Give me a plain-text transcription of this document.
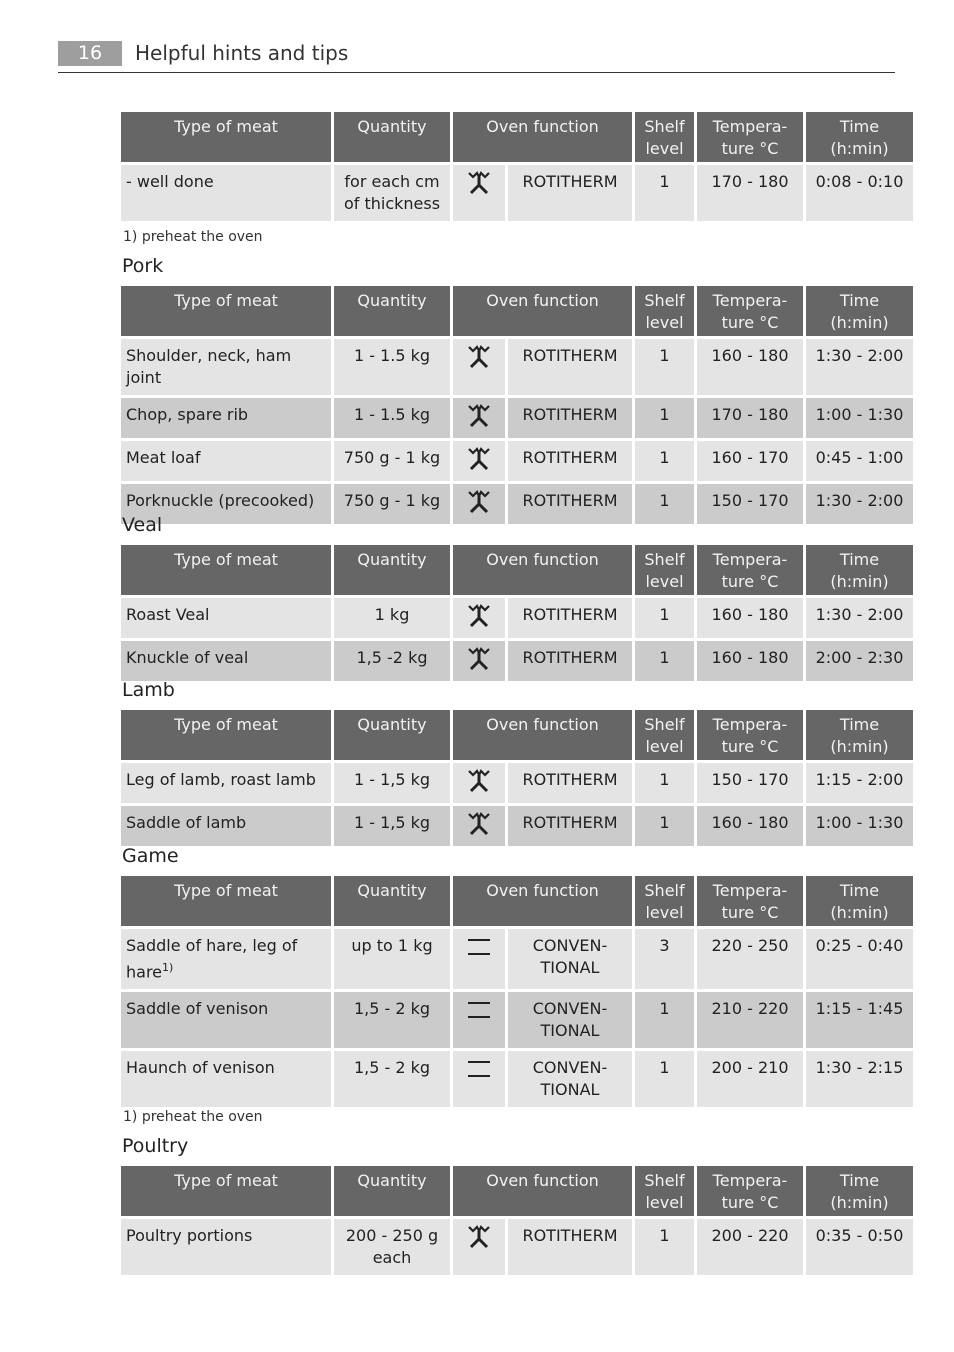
16	Helpful hints and tips
Type of meat	Quantity	Oven function		Shelf level	Tempera-ture °C	Time (h:min)
- well done	for each cm of thickness		ROTITHERM	1	170 - 180	0:08 - 0:10
1) preheat the oven
Pork
Type of meat	Quantity	Oven function		Shelf level	Tempera-ture °C	Time (h:min)
Shoulder, neck, ham joint	1 - 1.5 kg		ROTITHERM	1	160 - 180	1:30 - 2:00
Chop, spare rib	1 - 1.5 kg		ROTITHERM	1	170 - 180	1:00 - 1:30
Meat loaf	750 g - 1 kg		ROTITHERM	1	160 - 170	0:45 - 1:00
Porknuckle (precooked)	750 g - 1 kg		ROTITHERM	1	150 - 170	1:30 - 2:00
Veal
Type of meat	Quantity	Oven function		Shelf level	Tempera-ture °C	Time (h:min)
Roast Veal	1 kg		ROTITHERM	1	160 - 180	1:30 - 2:00
Knuckle of veal	1,5 -2 kg		ROTITHERM	1	160 - 180	2:00 - 2:30
Lamb
Type of meat	Quantity	Oven function		Shelf level	Tempera-ture °C	Time (h:min)
Leg of lamb, roast lamb	1 - 1,5 kg		ROTITHERM	1	150 - 170	1:15 - 2:00
Saddle of lamb	1 - 1,5 kg		ROTITHERM	1	160 - 180	1:00 - 1:30
Game
Type of meat	Quantity	Oven function		Shelf level	Tempera-ture °C	Time (h:min)
Saddle of hare, leg of hare$^{1)}$	up to 1 kg		CONVEN-TIONAL	3	220 - 250	0:25 - 0:40
Saddle of venison	1,5 - 2 kg		CONVEN-TIONAL	1	210 - 220	1:15 - 1:45
Haunch of venison	1,5 - 2 kg		CONVEN-TIONAL	1	200 - 210	1:30 - 2:15
1) preheat the oven
Poultry
Type of meat	Quantity	Oven function		Shelf level	Tempera-ture °C	Time (h:min)
Poultry portions	200 - 250 g each		ROTITHERM	1	200 - 220	0:35 - 0:50
